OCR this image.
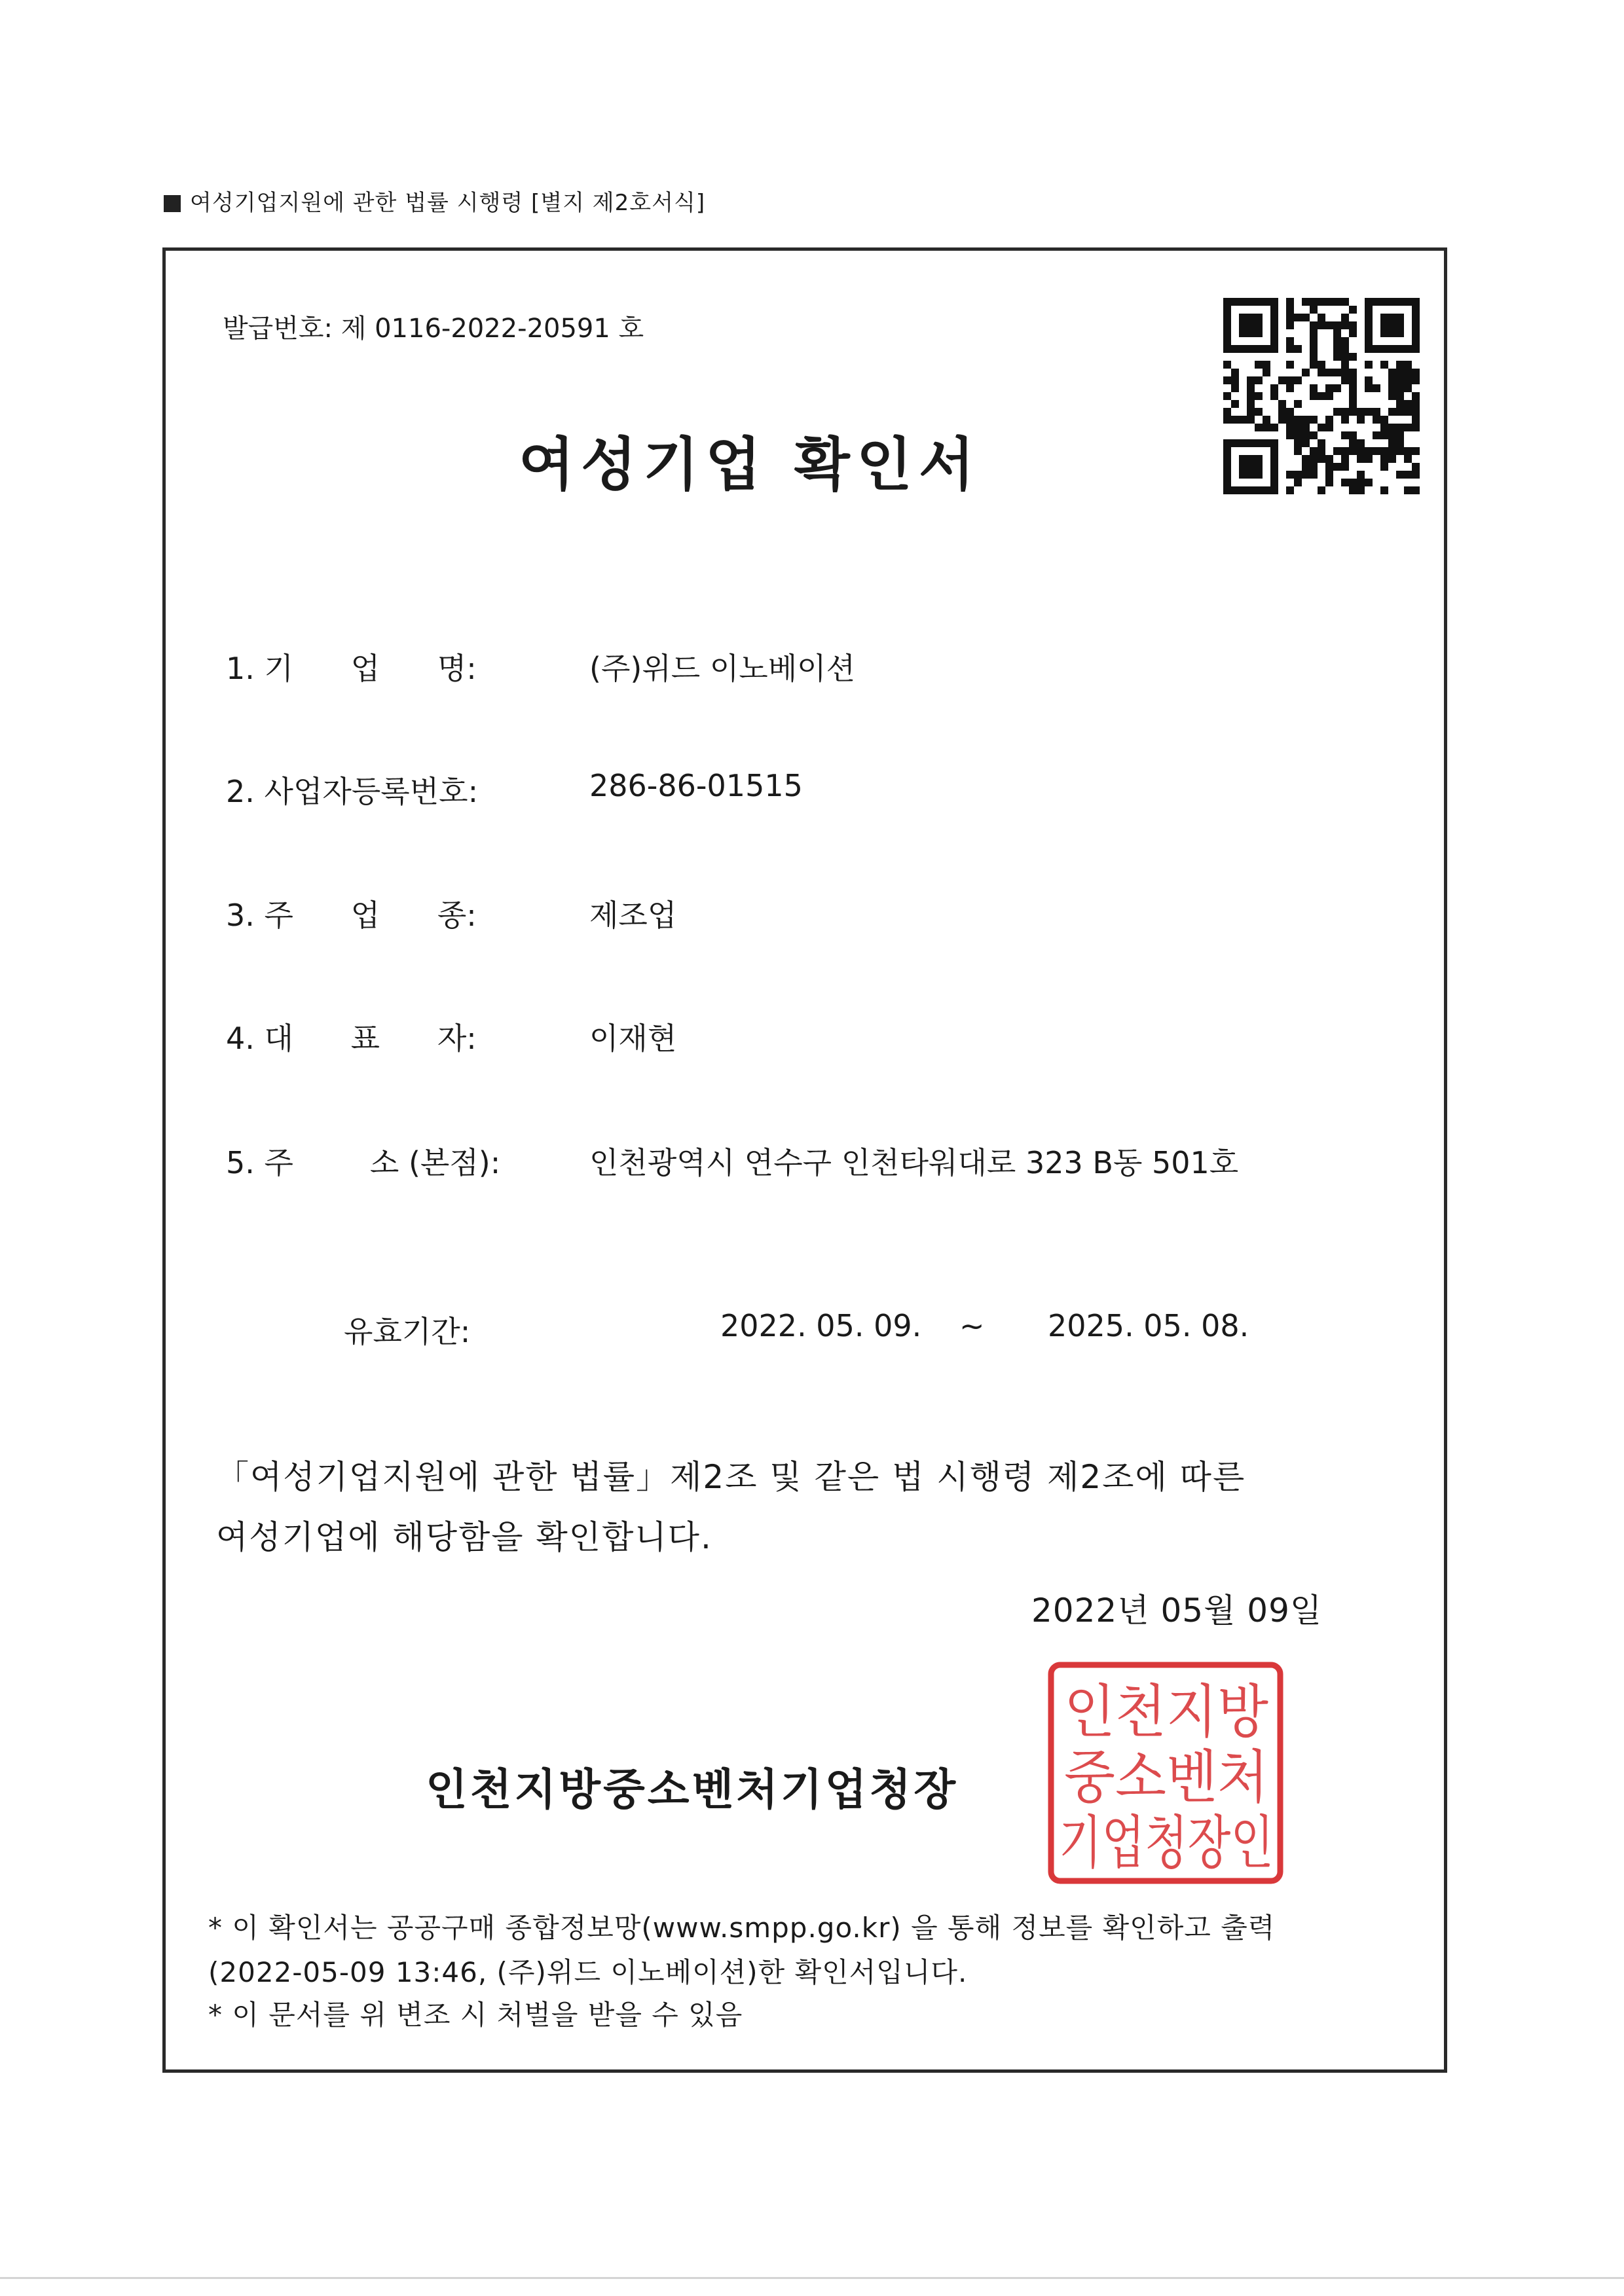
여성기업지원에 관한 법률 시행령 [별지 제2호서식]
발급번호: 제 0116-2022-20591 호
여성기업 확인서
1. 기      업      명:	(주)위드 이노베이션
2. 사업자등록번호:	286-86-01515
3. 주      업      종:	제조업
4. 대      표      자:	이재현
5. 주        소 (본점):	인천광역시 연수구 인천타워대로 323 B동 501호
유효기간:	2022. 05. 09. ~ 2025. 05. 08.
「여성기업지원에 관한 법률」제2조 및 같은 법 시행령 제2조에 따른
여성기업에 해당함을 확인합니다.
2022년 05월 09일
인천지방중소벤처기업청장
인천지방
중소벤처
기업청장인
* 이 확인서는 공공구매 종합정보망(www.smpp.go.kr) 을 통해 정보를 확인하고 출력
(2022-05-09 13:46, (주)위드 이노베이션)한 확인서입니다.
* 이 문서를 위 변조 시 처벌을 받을 수 있음
